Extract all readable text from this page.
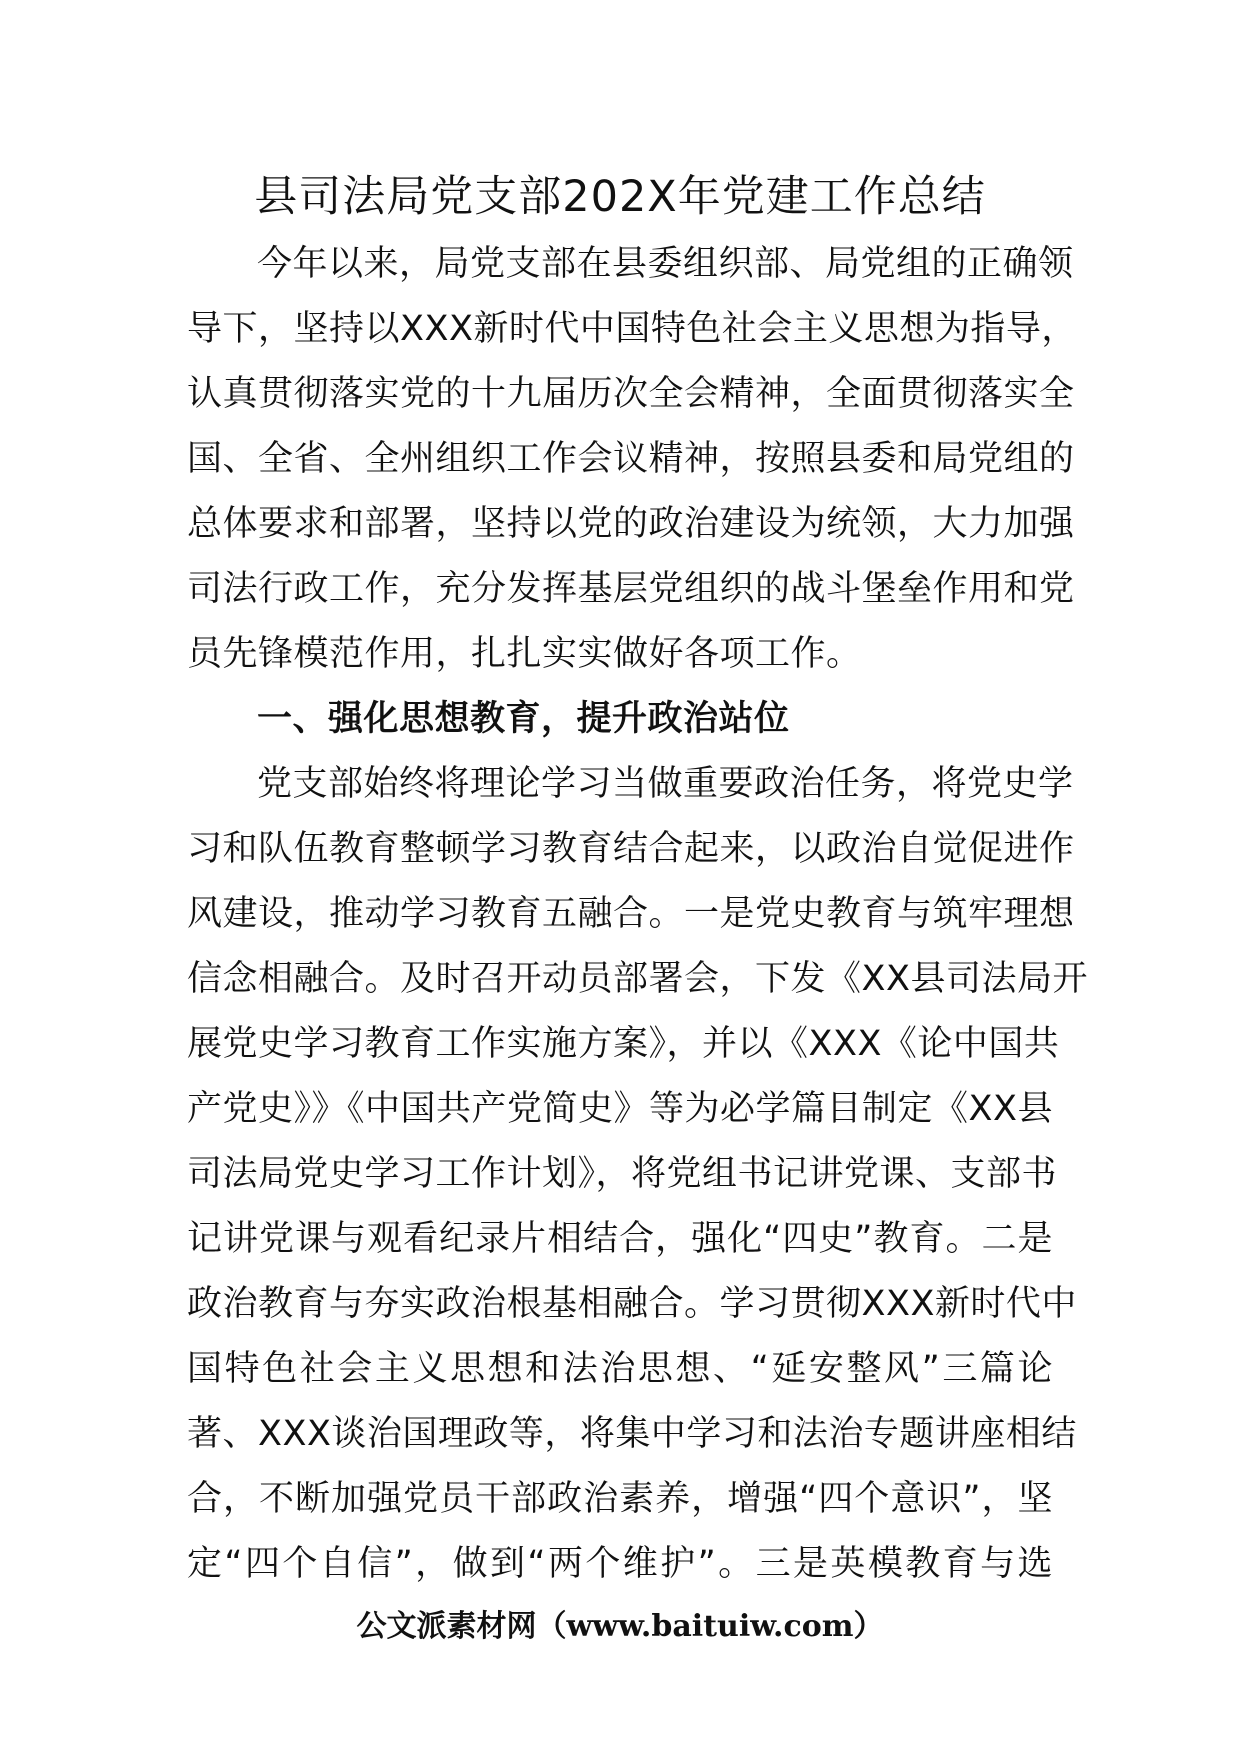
县司法局党支部202X年党建工作总结
今年以来，局党支部在县委组织部、局党组的正确领
导下，坚持以XXX新时代中国特色社会主义思想为指导，
认真贯彻落实党的十九届历次全会精神，全面贯彻落实全
国、全省、全州组织工作会议精神，按照县委和局党组的
总体要求和部署，坚持以党的政治建设为统领，大力加强
司法行政工作，充分发挥基层党组织的战斗堡垒作用和党
员先锋模范作用，扎扎实实做好各项工作。
一、强化思想教育，提升政治站位
党支部始终将理论学习当做重要政治任务，将党史学
习和队伍教育整顿学习教育结合起来，以政治自觉促进作
风建设，推动学习教育五融合。一是党史教育与筑牢理想
信念相融合。及时召开动员部署会，下发《XX县司法局开
展党史学习教育工作实施方案》，并以《XXX《论中国共
产党史》》《中国共产党简史》等为必学篇目制定《XX县
司法局党史学习工作计划》，将党组书记讲党课、支部书
记讲党课与观看纪录片相结合，强化“四史”教育。二是
政治教育与夯实政治根基相融合。学习贯彻XXX新时代中
国特色社会主义思想和法治思想、“延安整风”三篇论
著、XXX谈治国理政等，将集中学习和法治专题讲座相结
合，不断加强党员干部政治素养，增强“四个意识”，坚
定“四个自信”，做到“两个维护”。三是英模教育与选
公文派素材网（www.baituiw.com）
